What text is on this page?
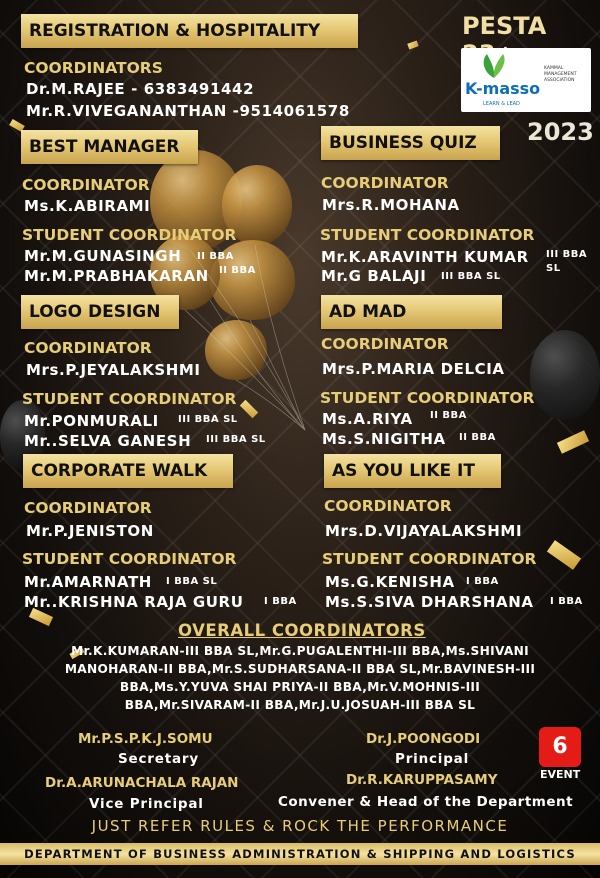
PESTA
K-masso
KAMMAL MANAGEMENT ASSOCIATION
LEARN & LEAD
2023
REGISTRATION & HOSPITALITY
COORDINATORS
Dr.M.RAJEE - 6383491442
Mr.R.VIVEGANANTHAN -9514061578
BEST MANAGER
COORDINATOR
Ms.K.ABIRAMI
STUDENT COORDINATOR
Mr.M.GUNASINGH II BBA
Mr.M.PRABHAKARAN II BBA
BUSINESS QUIZ
COORDINATOR
Mrs.R.MOHANA
STUDENT COORDINATOR
Mr.K.ARAVINTH KUMAR III BBA
SL
Mr.G BALAJI III BBA SL
LOGO DESIGN
COORDINATOR
Mrs.P.JEYALAKSHMI
STUDENT COORDINATOR
Mr.PONMURALI III BBA SL
Mr..SELVA GANESH III BBA SL
AD MAD
COORDINATOR
Mrs.P.MARIA DELCIA
STUDENT COORDINATOR
Ms.A.RIYA II BBA
Ms.S.NIGITHA II BBA
CORPORATE WALK
COORDINATOR
Mr.P.JENISTON
STUDENT COORDINATOR
Mr.AMARNATH I BBA SL
Mr..KRISHNA RAJA GURU I BBA
AS YOU LIKE IT
COORDINATOR
Mrs.D.VIJAYALAKSHMI
STUDENT COORDINATOR
Ms.G.KENISHA I BBA
Ms.S.SIVA DHARSHANA I BBA
OVERALL COORDINATORS
Mr.K.KUMARAN-III BBA SL,Mr.G.PUGALENTHI-III BBA,Ms.SHIVANI
MANOHARAN-II BBA,Mr.S.SUDHARSANA-II BBA SL,Mr.BAVINESH-III
BBA,Ms.Y.YUVA SHAI PRIYA-II BBA,Mr.V.MOHNIS-III
BBA,Mr.SIVARAM-II BBA,Mr.J.U.JOSUAH-III BBA SL
Mr.P.S.P.K.J.SOMU
Secretary
Dr.J.POONGODI
Principal
Dr.A.ARUNACHALA RAJAN
Vice Principal
Dr.R.KARUPPASAMY
Convener & Head of the Department
6
EVENT
JUST REFER RULES & ROCK THE PERFORMANCE
DEPARTMENT OF BUSINESS ADMINISTRATION & SHIPPING AND LOGISTICS
